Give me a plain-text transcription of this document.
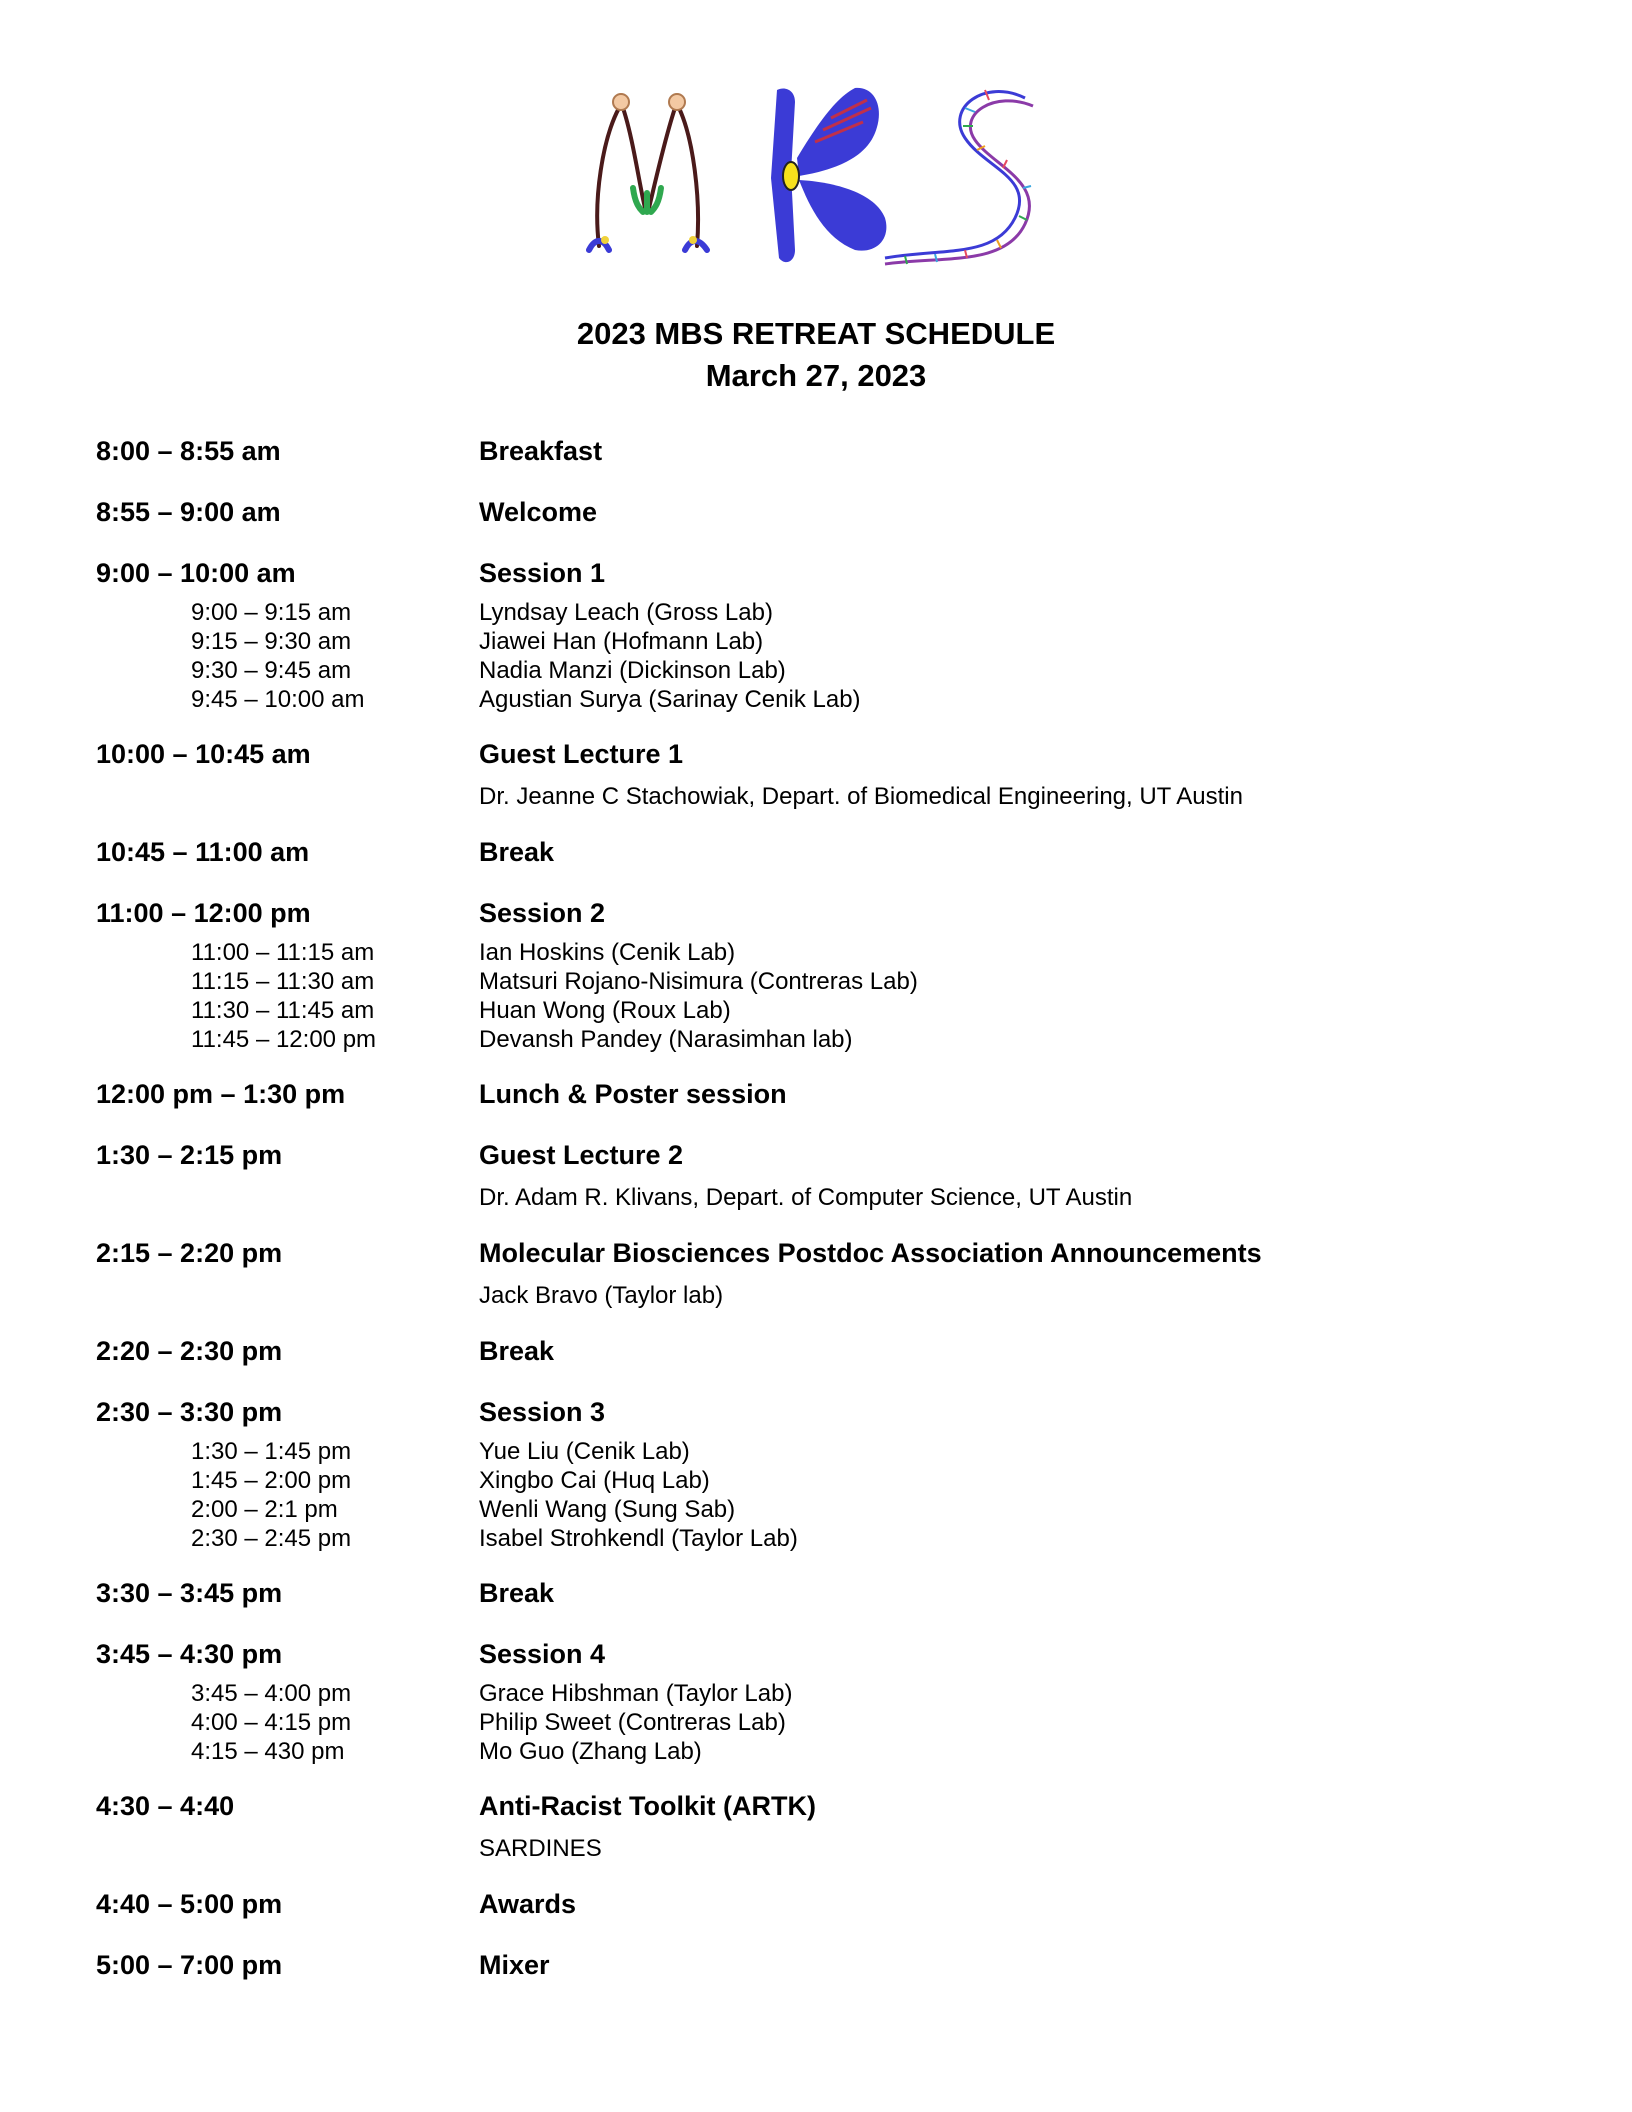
2023 MBS RETREAT SCHEDULE
March 27, 2023
8:00 – 8:55 am	Breakfast
8:55 – 9:00 am	Welcome
9:00 – 10:00 am	Session 1
9:00 – 9:15 am	Lyndsay Leach (Gross Lab)
9:15 – 9:30 am	Jiawei Han (Hofmann Lab)
9:30 – 9:45 am	Nadia Manzi (Dickinson Lab)
9:45 – 10:00 am	Agustian Surya (Sarinay Cenik Lab)
10:00 – 10:45 am	Guest Lecture 1
Dr. Jeanne C Stachowiak, Depart. of Biomedical Engineering, UT Austin
10:45 – 11:00 am	Break
11:00 – 12:00 pm	Session 2
11:00 – 11:15 am	Ian Hoskins (Cenik Lab)
11:15 – 11:30 am	Matsuri Rojano-Nisimura (Contreras Lab)
11:30 – 11:45 am	Huan Wong (Roux Lab)
11:45 – 12:00 pm	Devansh Pandey (Narasimhan lab)
12:00 pm – 1:30 pm	Lunch & Poster session
1:30 – 2:15 pm	Guest Lecture 2
Dr. Adam R. Klivans, Depart. of Computer Science, UT Austin
2:15 – 2:20 pm	Molecular Biosciences Postdoc Association Announcements
Jack Bravo (Taylor lab)
2:20 – 2:30 pm	Break
2:30 – 3:30 pm	Session 3
1:30 – 1:45 pm	Yue Liu (Cenik Lab)
1:45 – 2:00 pm	Xingbo Cai (Huq Lab)
2:00 – 2:1 pm	Wenli Wang (Sung Sab)
2:30 – 2:45 pm	Isabel Strohkendl (Taylor Lab)
3:30 – 3:45 pm	Break
3:45 – 4:30 pm	Session 4
3:45 – 4:00 pm	Grace Hibshman (Taylor Lab)
4:00 – 4:15 pm	Philip Sweet (Contreras Lab)
4:15 – 430 pm	Mo Guo (Zhang Lab)
4:30 – 4:40	Anti-Racist Toolkit (ARTK)
SARDINES
4:40 – 5:00 pm	Awards
5:00 – 7:00 pm	Mixer
